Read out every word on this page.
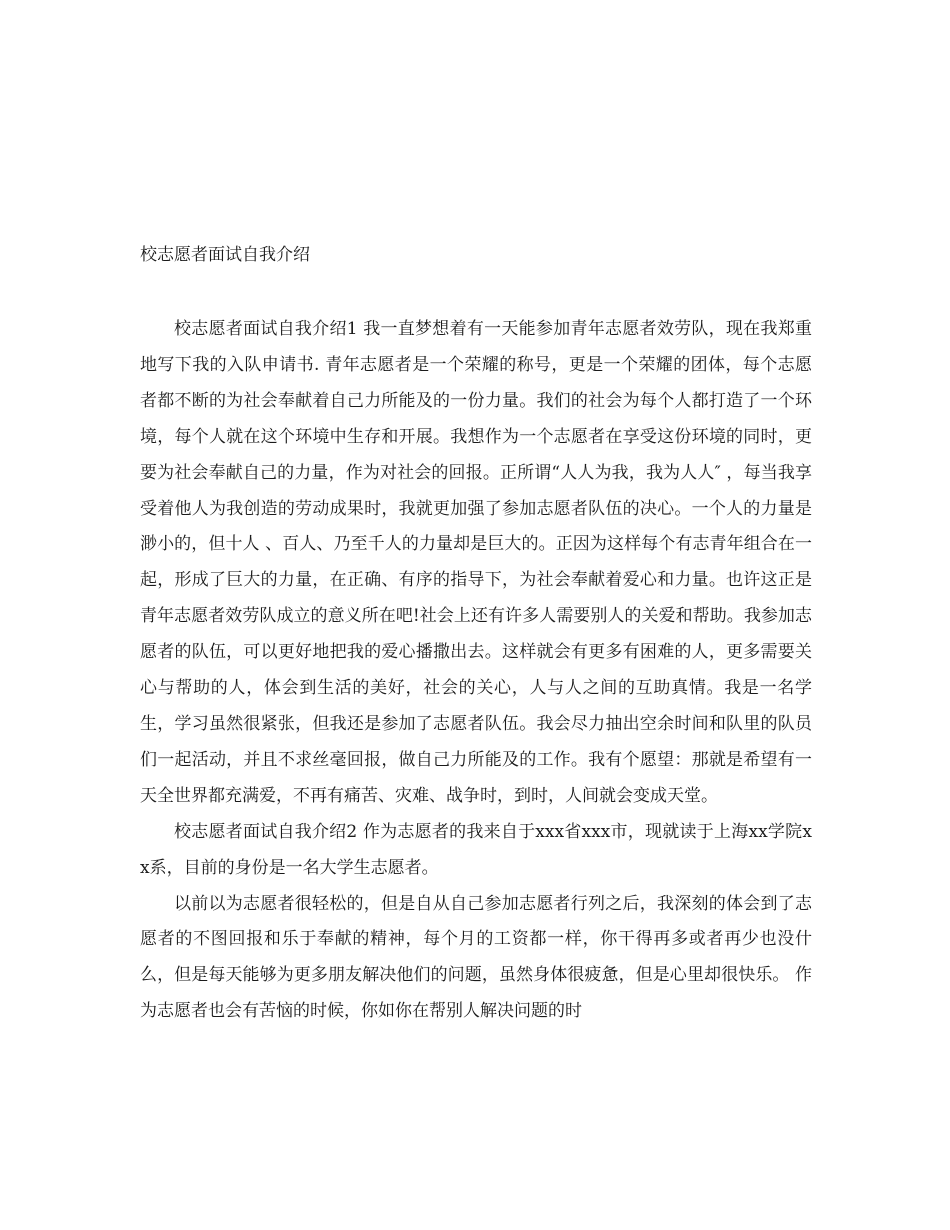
校志愿者面试自我介绍

校志愿者面试自我介绍1 我一直梦想着有一天能参加青年志愿者效劳队，现在我郑重地写下我的入队申请书. 青年志愿者是一个荣耀的称号，更是一个荣耀的团体，每个志愿者都不断的为社会奉献着自己力所能及的一份力量。我们的社会为每个人都打造了一个环境，每个人就在这个环境中生存和开展。我想作为一个志愿者在享受这份环境的同时，更要为社会奉献自己的力量，作为对社会的回报。正所谓“人人为我，我为人人″ ，每当我享受着他人为我创造的劳动成果时，我就更加强了参加志愿者队伍的决心。一个人的力量是渺小的，但十人 、百人、乃至千人的力量却是巨大的。正因为这样每个有志青年组合在一起，形成了巨大的力量，在正确、有序的指导下，为社会奉献着爱心和力量。也许这正是青年志愿者效劳队成立的意义所在吧!社会上还有许多人需要别人的关爱和帮助。我参加志愿者的队伍，可以更好地把我的爱心播撒出去。这样就会有更多有困难的人，更多需要关心与帮助的人，体会到生活的美好，社会的关心，人与人之间的互助真情。我是一名学生，学习虽然很紧张，但我还是参加了志愿者队伍。我会尽力抽出空余时间和队里的队员们一起活动，并且不求丝毫回报，做自己力所能及的工作。我有个愿望：那就是希望有一天全世界都充满爱，不再有痛苦、灾难、战争时，到时，人间就会变成天堂。

校志愿者面试自我介绍2 作为志愿者的我来自于xxx省xxx市，现就读于上海xx学院xx系，目前的身份是一名大学生志愿者。

以前以为志愿者很轻松的，但是自从自己参加志愿者行列之后，我深刻的体会到了志愿者的不图回报和乐于奉献的精神，每个月的工资都一样，你干得再多或者再少也没什么，但是每天能够为更多朋友解决他们的问题，虽然身体很疲惫，但是心里却很快乐。 作为志愿者也会有苦恼的时候，你如你在帮别人解决问题的时
